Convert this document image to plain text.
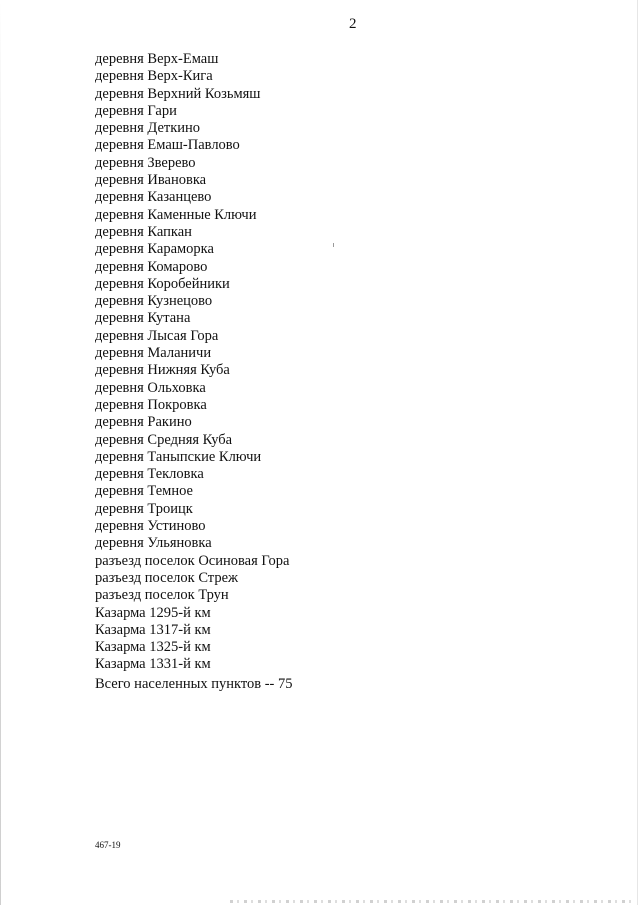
2
деревня Верх-Емаш
деревня Верх-Кига
деревня Верхний Козьмяш
деревня Гари
деревня Деткино
деревня Емаш-Павлово
деревня Зверево
деревня Ивановка
деревня Казанцево
деревня Каменные Ключи
деревня Капкан
деревня Караморка
деревня Комарово
деревня Коробейники
деревня Кузнецово
деревня Кутана
деревня Лысая Гора
деревня Маланичи
деревня Нижняя Куба
деревня Ольховка
деревня Покровка
деревня Ракино
деревня Средняя Куба
деревня Таныпские Ключи
деревня Текловка
деревня Темное
деревня Троицк
деревня Устиново
деревня Ульяновка
разъезд поселок Осиновая Гора
разъезд поселок Стреж
разъезд поселок Трун
Казарма 1295-й км
Казарма 1317-й км
Казарма 1325-й км
Казарма 1331-й км
Всего населенных пунктов -- 75
467-19
